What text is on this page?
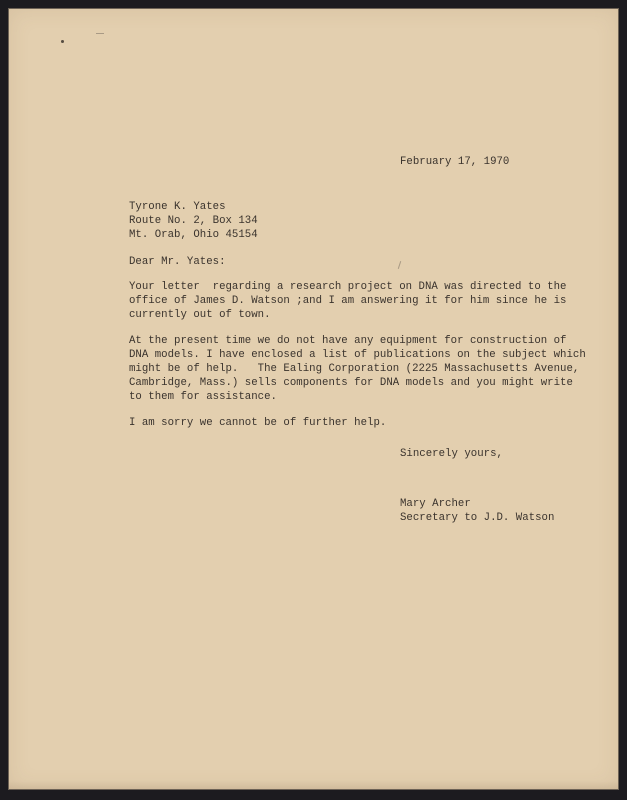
February 17, 1970
Tyrone K. Yates
Route No. 2, Box 134
Mt. Orab, Ohio 45154
Dear Mr. Yates:
Your letter  regarding a research project on DNA was directed to the
office of James D. Watson ;and I am answering it for him since he is
currently out of town.
At the present time we do not have any equipment for construction of
DNA models. I have enclosed a list of publications on the subject which
might be of help.   The Ealing Corporation (2225 Massachusetts Avenue,
Cambridge, Mass.) sells components for DNA models and you might write
to them for assistance.
I am sorry we cannot be of further help.
Sincerely yours,
Mary Archer
Secretary to J.D. Watson
